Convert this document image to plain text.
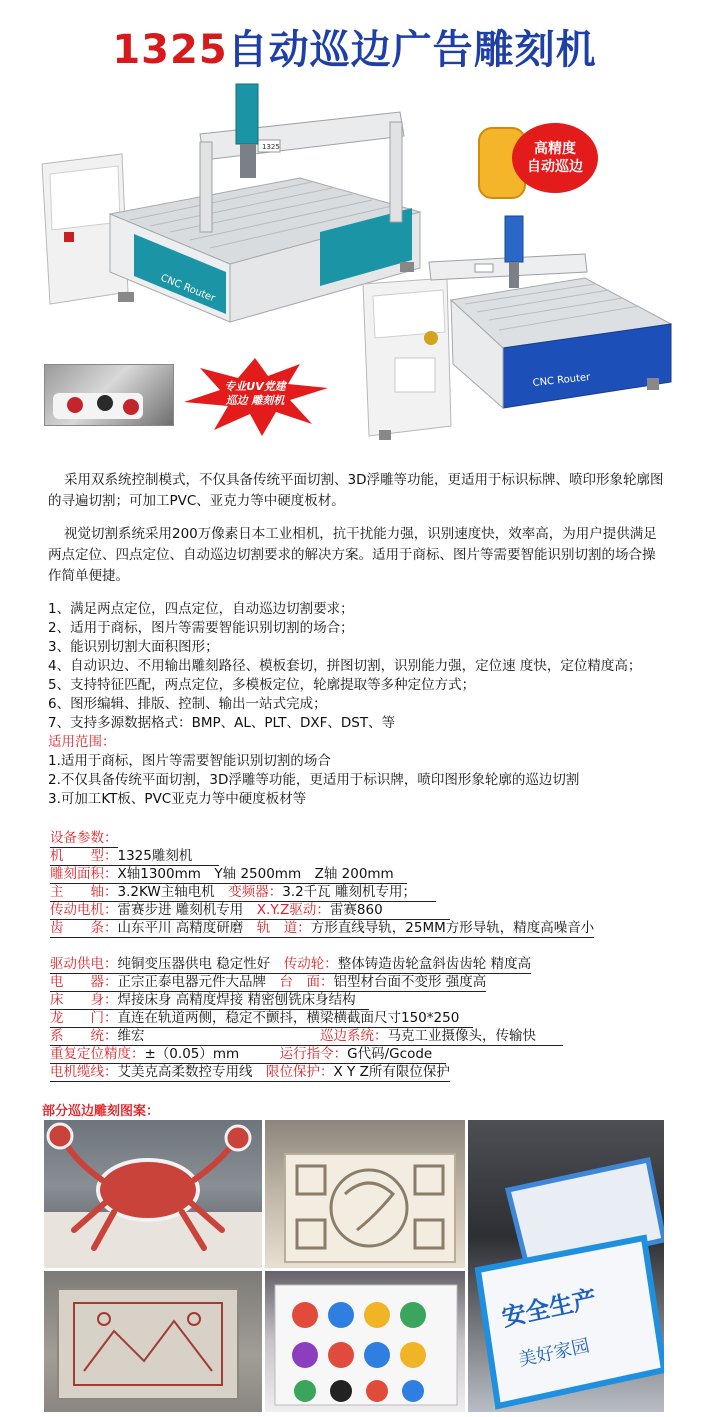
1325自动巡边广告雕刻机
CNC Router
1325	高精度
自动巡边
CNC Router
专业UV党建
巡边 雕刻机
采用双系统控制模式，不仅具备传统平面切割、3D浮雕等功能，更适用于标识标牌、喷印形象轮廓图的寻遍切割；可加工PVC、亚克力等中硬度板材。
视觉切割系统采用200万像素日本工业相机，抗干扰能力强，识别速度快，效率高，为用户提供满足两点定位、四点定位、自动巡边切割要求的解决方案。适用于商标、图片等需要智能识别切割的场合操作简单便捷。
1、满足两点定位，四点定位，自动巡边切割要求；
2、适用于商标，图片等需要智能识别切割的场合；
3、能识别切割大面积图形；
4、自动识边、不用输出雕刻路径、模板套切，拼图切割，识别能力强，定位速 度快，定位精度高；
5、支持特征匹配，两点定位，多模板定位，轮廓提取等多种定位方式；
6、图形编辑、排版、控制、输出一站式完成；
7、支持多源数据格式：BMP、AL、PLT、DXF、DST、等
适用范围：
1.适用于商标，图片等需要智能识别切割的场合
2.不仅具备传统平面切割，3D浮雕等功能，更适用于标识牌，喷印图形象轮廓的巡边切割
3.可加工KT板、PVC亚克力等中硬度板材等
设备参数：
机　　型：1325雕刻机　　
雕刻面积：X轴1300mm　Y轴 2500mm　Z轴 200mm　
主　　轴：3.2KW主轴电机　 变频器：3.2千瓦 雕刻机专用；　　
传动电机：雷赛步进 雕刻机专用　 X.Y.Z驱动：雷赛860　　　　　
齿　　条：山东平川 高精度研磨　 轨　道：方形直线导轨，25MM方形导轨，精度高噪音小
驱动供电：纯铜变压器供电 稳定性好　 传动轮：整体铸造齿轮盒斜齿齿轮 精度高
电　　器：正宗正泰电器元件大品牌　 台　面：铝型材台面不变形 强度高
床　　身：焊接床身 高精度焊接 精密刨铣床身结构　
龙　　门：直连在轨道两侧，稳定不颤抖，横梁横截面尺寸150*250　
系　　统：维宏　　　　　　　　　　　　　	巡边系统：马克工业摄像头，传输快　　
重复定位精度：±（0.05）mm　　　	运行指令：G代码/Gcode　
电机缆线：艾美克高柔数控专用线　 限位保护：X Y Z所有限位保护
部分巡边雕刻图案：
安全生产
美好家园
